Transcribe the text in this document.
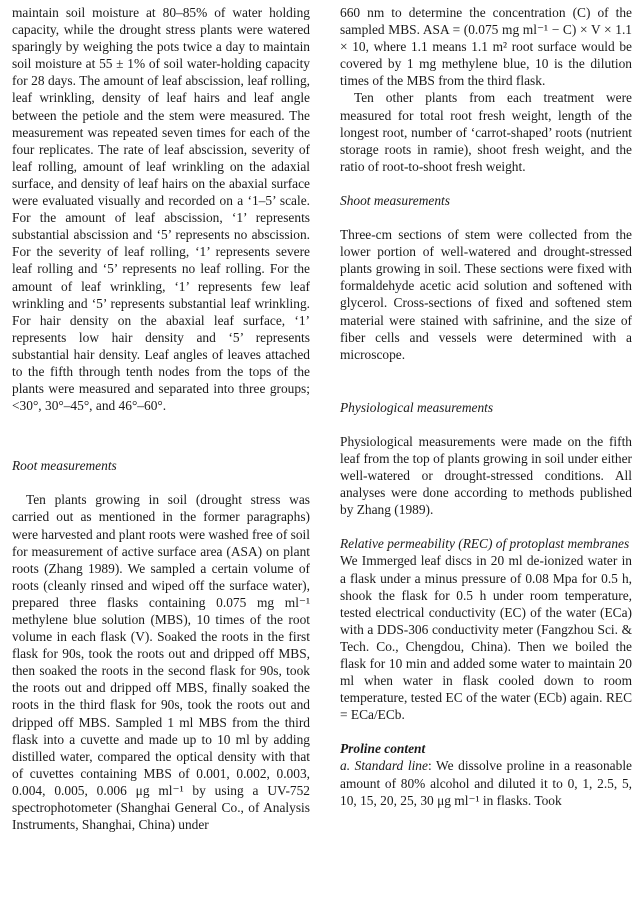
maintain soil moisture at 80–85% of water holding capacity, while the drought stress plants were watered sparingly by weighing the pots twice a day to maintain soil moisture at 55 ± 1% of soil water-holding capacity for 28 days. The amount of leaf abscission, leaf rolling, leaf wrinkling, density of leaf hairs and leaf angle between the petiole and the stem were measured. The measurement was repeated seven times for each of the four replicates. The rate of leaf abscission, severity of leaf rolling, amount of leaf wrinkling on the adaxial surface, and density of leaf hairs on the abaxial surface were evaluated visually and recorded on a ‘1–5’ scale. For the amount of leaf abscission, ‘1’ represents substantial abscission and ‘5’ represents no abscission. For the severity of leaf rolling, ‘1’ represents severe leaf rolling and ‘5’ represents no leaf rolling. For the amount of leaf wrinkling, ‘1’ represents few leaf wrinkling and ‘5’ represents substantial leaf wrinkling. For hair density on the abaxial leaf surface, ‘1’ represents low hair density and ‘5’ represents substantial hair density. Leaf angles of leaves attached to the fifth through tenth nodes from the tops of the plants were measured and separated into three groups; <30°, 30°–45°, and 46°–60°.

Root measurements

Ten plants growing in soil (drought stress was carried out as mentioned in the former paragraphs) were harvested and plant roots were washed free of soil for measurement of active surface area (ASA) on plant roots (Zhang 1989). We sampled a certain volume of roots (cleanly rinsed and wiped off the surface water), prepared three flasks containing 0.075 mg ml⁻¹ methylene blue solution (MBS), 10 times of the root volume in each flask (V). Soaked the roots in the first flask for 90s, took the roots out and dripped off MBS, then soaked the roots in the second flask for 90s, took the roots out and dripped off MBS, finally soaked the roots in the third flask for 90s, took the roots out and dripped off MBS. Sampled 1 ml MBS from the third flask into a cuvette and made up to 10 ml by adding distilled water, compared the optical density with that of cuvettes containing MBS of 0.001, 0.002, 0.003, 0.004, 0.005, 0.006 μg ml⁻¹ by using a UV-752 spectrophotometer (Shanghai General Co., of Analysis Instruments, Shanghai, China) under

660 nm to determine the concentration (C) of the sampled MBS. ASA = (0.075 mg ml⁻¹ − C) × V × 1.1 × 10, where 1.1 means 1.1 m² root surface would be covered by 1 mg methylene blue, 10 is the dilution times of the MBS from the third flask.

Ten other plants from each treatment were measured for total root fresh weight, length of the longest root, number of ‘carrot-shaped’ roots (nutrient storage roots in ramie), shoot fresh weight, and the ratio of root-to-shoot fresh weight.

Shoot measurements

Three-cm sections of stem were collected from the lower portion of well-watered and drought-stressed plants growing in soil. These sections were fixed with formaldehyde acetic acid solution and softened with glycerol. Cross-sections of fixed and softened stem material were stained with safrinine, and the size of fiber cells and vessels were determined with a microscope.

Physiological measurements

Physiological measurements were made on the fifth leaf from the top of plants growing in soil under either well-watered or drought-stressed conditions. All analyses were done according to methods published by Zhang (1989).

Relative permeability (REC) of protoplast membranes

We Immerged leaf discs in 20 ml de-ionized water in a flask under a minus pressure of 0.08 Mpa for 0.5 h, shook the flask for 0.5 h under room temperature, tested electrical conductivity (EC) of the water (ECa) with a DDS-306 conductivity meter (Fangzhou Sci. & Tech. Co., Chengdou, China). Then we boiled the flask for 10 min and added some water to maintain 20 ml when water in flask cooled down to room temperature, tested EC of the water (ECb) again. REC = ECa/ECb.

Proline content

a. Standard line: We dissolve proline in a reasonable amount of 80% alcohol and diluted it to 0, 1, 2.5, 5, 10, 15, 20, 25, 30 μg ml⁻¹ in flasks. Took
